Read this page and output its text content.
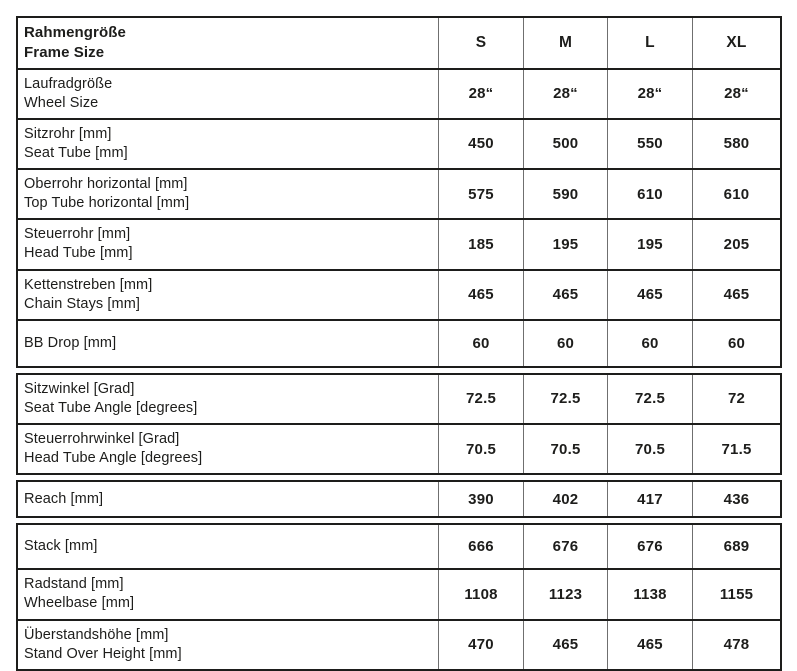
Rahmengröße
Frame Size
S	M	L	XL
Laufradgröße
Wheel Size
28“	28“	28“	28“
Sitzrohr [mm]
Seat Tube [mm]
450	500	550	580
Oberrohr horizontal [mm]
Top Tube horizontal [mm]
575	590	610	610
Steuerrohr [mm]
Head Tube [mm]
185	195	195	205
Kettenstreben [mm]
Chain Stays [mm]
465	465	465	465
BB Drop [mm]	60	60	60	60
Sitzwinkel [Grad]
Seat Tube Angle [degrees]
72.5	72.5	72.5	72
Steuerrohrwinkel [Grad]
Head Tube Angle [degrees]
70.5	70.5	70.5	71.5
Reach [mm]	390	402	417	436
Stack [mm]	666	676	676	689
Radstand [mm]
Wheelbase [mm]
1108	1123	1138	1155
Überstandshöhe [mm]
Stand Over Height [mm]
470	465	465	478
